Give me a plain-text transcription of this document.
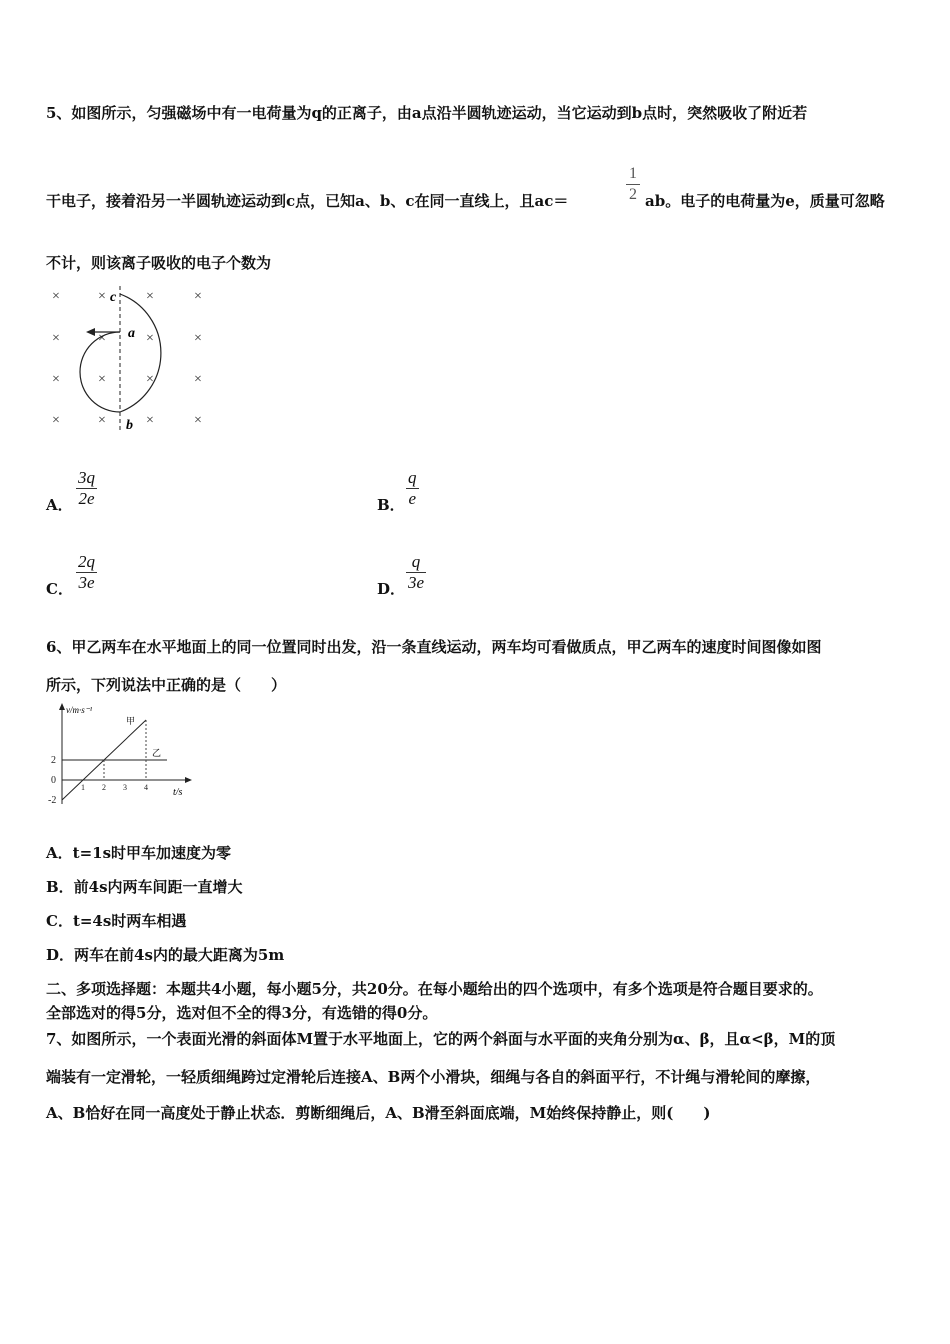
5、如图所示，匀强磁场中有一电荷量为q的正离子，由a点沿半圆轨迹运动，当它运动到b点时，突然吸收了附近若
干电子，接着沿另一半圆轨迹运动到c点，已知a、b、c在同一直线上，且ac＝
1
2 ab。电子的电荷量为e，质量可忽略
不计，则该离子吸收的电子个数为
×	×	×	×
×	×	×	×
×	×	×	×
×	×	×	×
a
b
c
A．
3q
2e	B．
q
e
C．
2q
3e	D．
q
3e
6、甲乙两车在水平地面上的同一位置同时出发，沿一条直线运动，两车均可看做质点，甲乙两车的速度时间图像如图
所示，下列说法中正确的是（　　）
v/m·s⁻¹
t/s
1 2 3 4
2
0
-2
甲
乙
A．t=1s时甲车加速度为零
B．前4s内两车间距一直增大
C．t=4s时两车相遇
D．两车在前4s内的最大距离为5m
二、多项选择题：本题共4小题，每小题5分，共20分。在每小题给出的四个选项中，有多个选项是符合题目要求的。
全部选对的得5分，选对但不全的得3分，有选错的得0分。
7、如图所示，一个表面光滑的斜面体M置于水平地面上，它的两个斜面与水平面的夹角分别为α、β，且α<β，M的顶
端装有一定滑轮，一轻质细绳跨过定滑轮后连接A、B两个小滑块，细绳与各自的斜面平行，不计绳与滑轮间的摩擦，
A、B恰好在同一高度处于静止状态．剪断细绳后，A、B滑至斜面底端，M始终保持静止，则(　　)
